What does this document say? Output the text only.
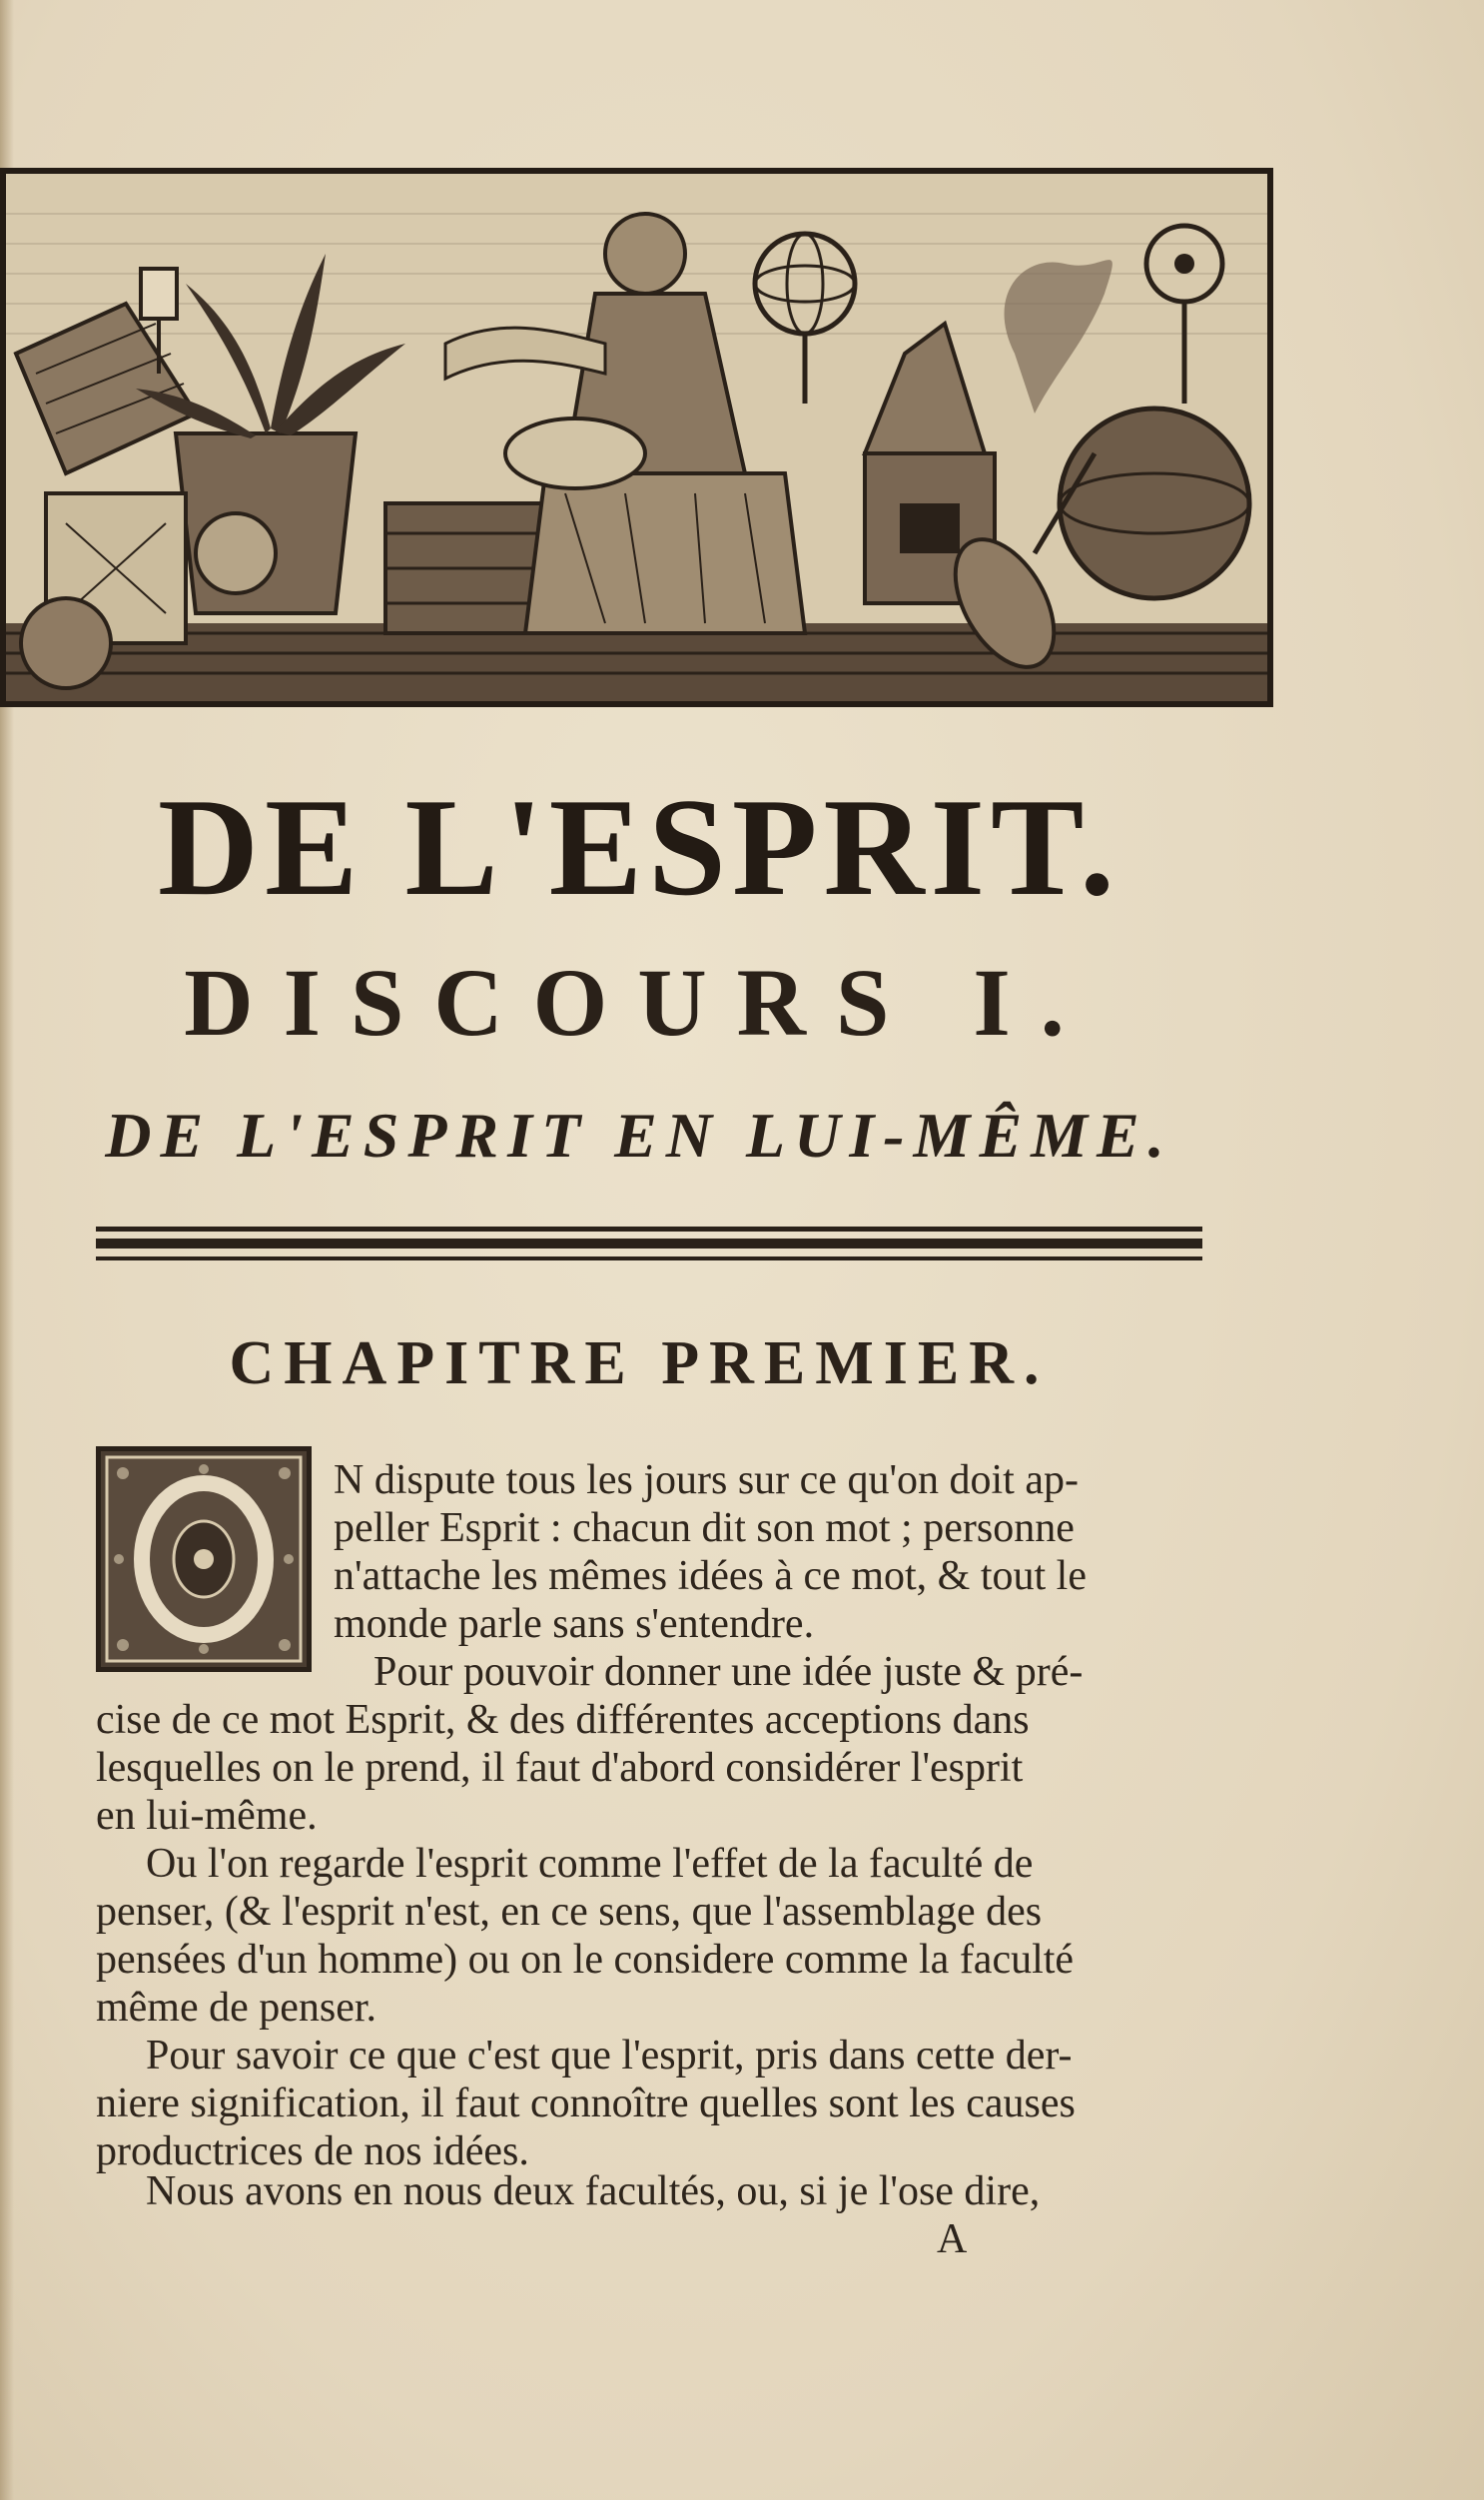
DE L'ESPRIT.
DISCOURS I.
DE L'ESPRIT EN LUI-MÊME.
CHAPITRE PREMIER.

N dispute tous les jours sur ce qu'on doit ap-

peller Esprit : chacun dit son mot ; personne

n'attache les mêmes idées à ce mot, & tout le

monde parle sans s'entendre.

Pour pouvoir donner une idée juste & pré-

cise de ce mot Esprit, & des différentes acceptions dans

lesquelles on le prend, il faut d'abord considérer l'esprit

en lui-même.

Ou l'on regarde l'esprit comme l'effet de la faculté de

penser, (& l'esprit n'est, en ce sens, que l'assemblage des

pensées d'un homme) ou on le considere comme la faculté

même de penser.

Pour savoir ce que c'est que l'esprit, pris dans cette der-

niere signification, il faut connoître quelles sont les causes

productrices de nos idées.

Nous avons en nous deux facultés, ou, si je l'ose dire,

A
